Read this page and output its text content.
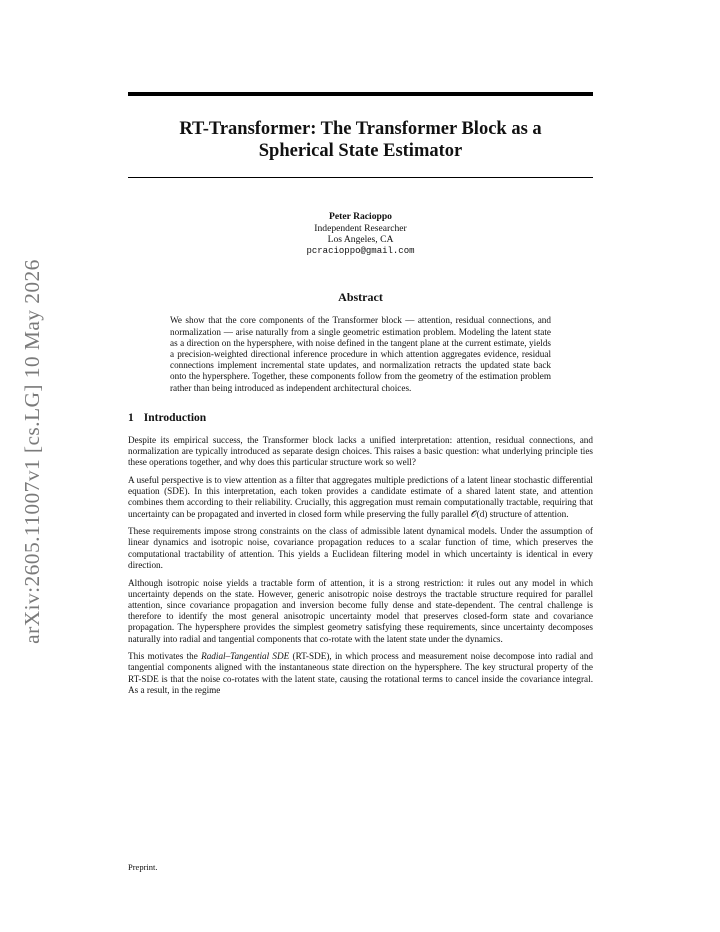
arXiv:2605.11007v1 [cs.LG] 10 May 2026
RT-Transformer: The Transformer Block as a
Spherical State Estimator
Peter Racioppo
Independent Researcher
Los Angeles, CA
pcracioppo@gmail.com
Abstract
We show that the core components of the Transformer block — attention, residual connections, and normalization — arise naturally from a single geometric estimation problem. Modeling the latent state as a direction on the hypersphere, with noise defined in the tangent plane at the current estimate, yields a precision-weighted directional inference procedure in which attention aggregates evidence, residual connections implement incremental state updates, and normalization retracts the updated state back onto the hypersphere. Together, these components follow from the geometry of the estimation problem rather than being introduced as independent architectural choices.
1 Introduction

Despite its empirical success, the Transformer block lacks a unified interpretation: attention, residual connections, and normalization are typically introduced as separate design choices. This raises a basic question: what underlying principle ties these operations together, and why does this particular structure work so well?

A useful perspective is to view attention as a filter that aggregates multiple predictions of a latent linear stochastic differential equation (SDE). In this interpretation, each token provides a candidate estimate of a shared latent state, and attention combines them according to their reliability. Crucially, this aggregation must remain computationally tractable, requiring that uncertainty can be propagated and inverted in closed form while preserving the fully parallel 𝒪(d) structure of attention.

These requirements impose strong constraints on the class of admissible latent dynamical models. Under the assumption of linear dynamics and isotropic noise, covariance propagation reduces to a scalar function of time, which preserves the computational tractability of attention. This yields a Euclidean filtering model in which uncertainty is identical in every direction.

Although isotropic noise yields a tractable form of attention, it is a strong restriction: it rules out any model in which uncertainty depends on the state. However, generic anisotropic noise destroys the tractable structure required for parallel attention, since covariance propagation and inversion become fully dense and state-dependent. The central challenge is therefore to identify the most general anisotropic uncertainty model that preserves closed-form state and covariance propagation. The hypersphere provides the simplest geometry satisfying these requirements, since uncertainty decomposes naturally into radial and tangential components that co-rotate with the latent state under the dynamics.

This motivates the Radial–Tangential SDE (RT-SDE), in which process and measurement noise decompose into radial and tangential components aligned with the instantaneous state direction on the hypersphere. The key structural property of the RT-SDE is that the noise co-rotates with the latent state, causing the rotational terms to cancel inside the covariance integral. As a result, in the regime

Preprint.
